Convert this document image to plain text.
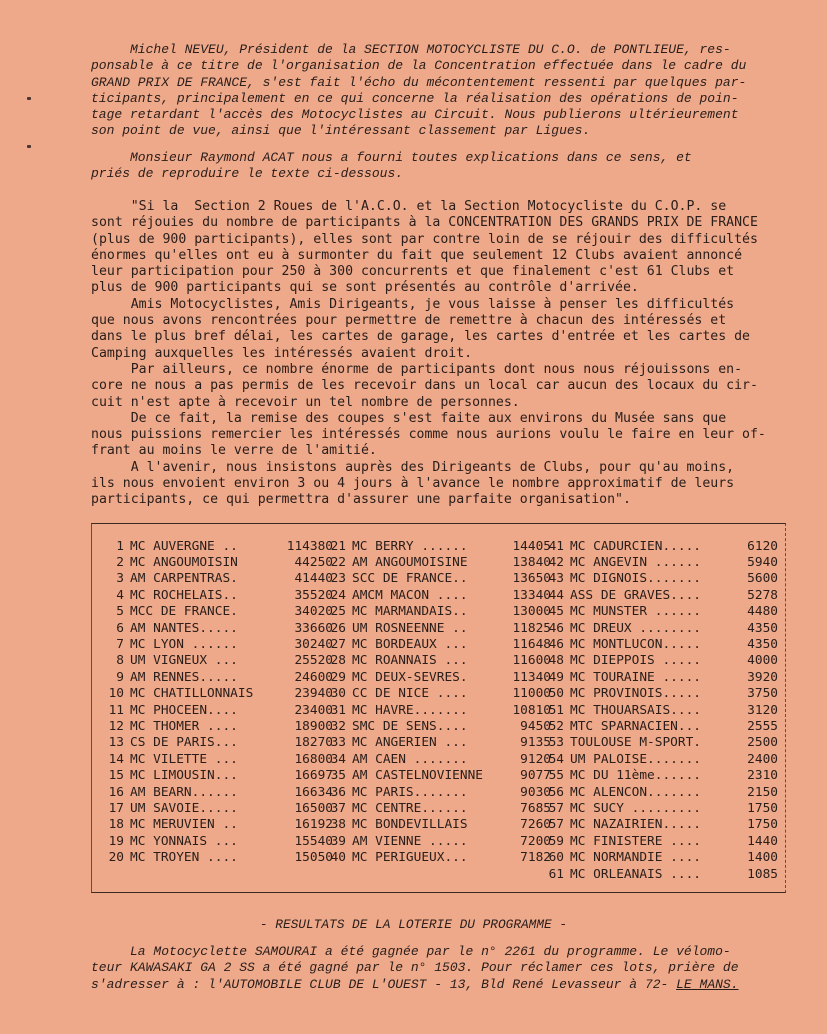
Michel NEVEU, Président de la SECTION MOTOCYCLISTE DU C.O. de PONTLIEUE, res-
ponsable à ce titre de l'organisation de la Concentration effectuée dans le cadre du
GRAND PRIX DE FRANCE, s'est fait l'écho du mécontentement ressenti par quelques par-
ticipants, principalement en ce qui concerne la réalisation des opérations de poin-
tage retardant l'accès des Motocyclistes au Circuit. Nous publierons ultérieurement
son point de vue, ainsi que l'intéressant classement par Ligues.
Monsieur Raymond ACAT nous a fourni toutes explications dans ce sens, et
priés de reproduire le texte ci-dessous.
"Si la  Section 2 Roues de l'A.C.O. et la Section Motocycliste du C.O.P. se
sont réjouies du nombre de participants à la CONCENTRATION DES GRANDS PRIX DE FRANCE
(plus de 900 participants), elles sont par contre loin de se réjouir des difficultés
énormes qu'elles ont eu à surmonter du fait que seulement 12 Clubs avaient annoncé
leur participation pour 250 à 300 concurrents et que finalement c'est 61 Clubs et
plus de 900 participants qui se sont présentés au contrôle d'arrivée.
Amis Motocyclistes, Amis Dirigeants, je vous laisse à penser les difficultés
que nous avons rencontrées pour permettre de remettre à chacun des intéressés et
dans le plus bref délai, les cartes de garage, les cartes d'entrée et les cartes de
Camping auxquelles les intéressés avaient droit.
Par ailleurs, ce nombre énorme de participants dont nous nous réjouissons en-
core ne nous a pas permis de les recevoir dans un local car aucun des locaux du cir-
cuit n'est apte à recevoir un tel nombre de personnes.
De ce fait, la remise des coupes s'est faite aux environs du Musée sans que
nous puissions remercier les intéressés comme nous aurions voulu le faire en leur of-
frant au moins le verre de l'amitié.
A l'avenir, nous insistons auprès des Dirigeants de Clubs, pour qu'au moins,
ils nous envoient environ 3 ou 4 jours à l'avance le nombre approximatif de leurs
participants, ce qui permettra d'assurer une parfaite organisation".
1 MC AUVERGNE ..	114380
2 MC ANGOUMOISIN	44250
3 AM CARPENTRAS.	41440
4 MC ROCHELAIS..	35520
5 MCC DE FRANCE.	34020
6 AM NANTES.....	33660
7 MC LYON ......	30240
8 UM VIGNEUX ...	25520
9 AM RENNES.....	24600
10 MC CHATILLONNAIS	23940
11 MC PHOCEEN....	23400
12 MC THOMER ....	18900
13 CS DE PARIS...	18270
14 MC VILETTE ...	16800
15 MC LIMOUSIN...	16697
16 AM BEARN......	16634
17 UM SAVOIE.....	16500
18 MC MERUVIEN ..	16192
19 MC YONNAIS ...	15540
20 MC TROYEN ....	15050
21 MC BERRY ......	14405
22 AM ANGOUMOISINE	13840
23 SCC DE FRANCE..	13650
24 AMCM MACON ....	13340
25 MC MARMANDAIS..	13000
26 UM ROSNEENNE ..	11825
27 MC BORDEAUX ...	11648
28 MC ROANNAIS ...	11600
29 MC DEUX-SEVRES.	11340
30 CC DE NICE ....	11000
31 MC HAVRE.......	10810
32 SMC DE SENS....	9450
33 MC ANGERIEN ...	9135
34 AM CAEN .......	9120
35 AM CASTELNOVIENNE	9077
36 MC PARIS.......	9030
37 MC CENTRE......	7685
38 MC BONDEVILLAIS	7260
39 AM VIENNE .....	7200
40 MC PERIGUEUX...	7182
41 MC CADURCIEN.....	6120
42 MC ANGEVIN ......	5940
43 MC DIGNOIS.......	5600
44 ASS DE GRAVES....	5278
45 MC MUNSTER ......	4480
46 MC DREUX ........	4350
46 MC MONTLUCON.....	4350
48 MC DIEPPOIS .....	4000
49 MC TOURAINE .....	3920
50 MC PROVINOIS.....	3750
51 MC THOUARSAIS....	3120
52 MTC SPARNACIEN...	2555
53 TOULOUSE M-SPORT.	2500
54 UM PALOISE.......	2400
55 MC DU 11ème......	2310
56 MC ALENCON.......	2150
57 MC SUCY .........	1750
57 MC NAZAIRIEN.....	1750
59 MC FINISTERE ....	1440
60 MC NORMANDIE ....	1400
61 MC ORLEANAIS ....	1085
- RESULTATS DE LA LOTERIE DU PROGRAMME -
La Motocyclette SAMOURAI a été gagnée par le n° 2261 du programme. Le vélomo-
teur KAWASAKI GA 2 SS a été gagné par le n° 1503. Pour réclamer ces lots, prière de
s'adresser à : l'AUTOMOBILE CLUB DE L'OUEST - 13, Bld René Levasseur à 72- LE MANS.
